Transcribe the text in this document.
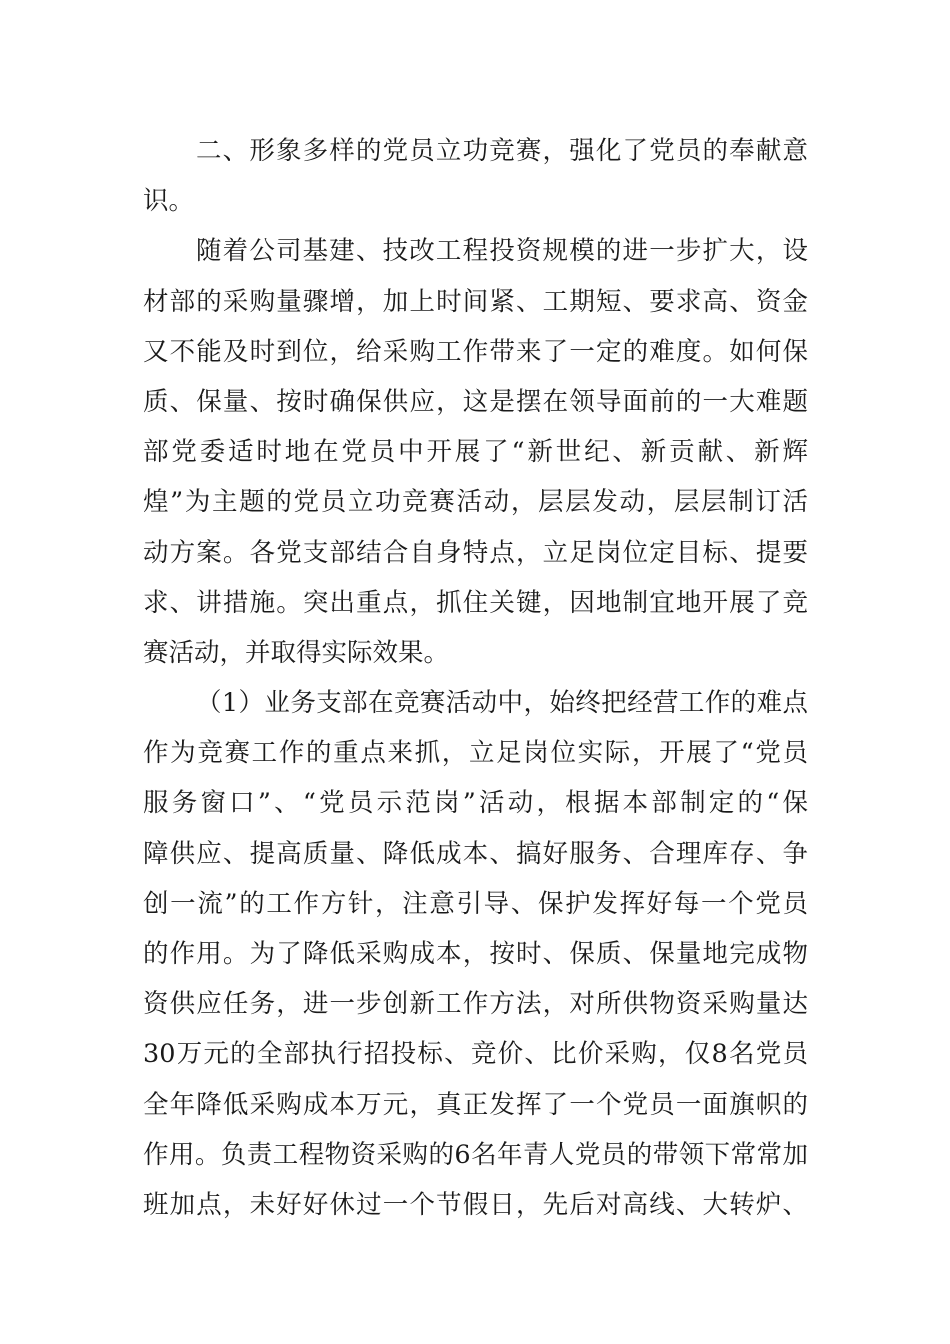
二、形象多样的党员立功竞赛，强化了党员的奉献意
识。
随着公司基建、技改工程投资规模的进一步扩大，设
材部的采购量骤增，加上时间紧、工期短、要求高、资金
又不能及时到位，给采购工作带来了一定的难度。如何保
质、保量、按时确保供应，这是摆在领导面前的一大难题
部党委适时地在党员中开展了“新世纪、新贡献、新辉
煌”为主题的党员立功竞赛活动，层层发动，层层制订活
动方案。各党支部结合自身特点，立足岗位定目标、提要
求、讲措施。突出重点，抓住关键，因地制宜地开展了竞
赛活动，并取得实际效果。
（1）业务支部在竞赛活动中，始终把经营工作的难点
作为竞赛工作的重点来抓，立足岗位实际，开展了“党员
服务窗口”、“党员示范岗”活动，根据本部制定的“保
障供应、提高质量、降低成本、搞好服务、合理库存、争
创一流”的工作方针，注意引导、保护发挥好每一个党员
的作用。为了降低采购成本，按时、保质、保量地完成物
资供应任务，进一步创新工作方法，对所供物资采购量达
30万元的全部执行招投标、竞价、比价采购，仅8名党员
全年降低采购成本万元，真正发挥了一个党员一面旗帜的
作用。负责工程物资采购的6名年青人党员的带领下常常加
班加点，未好好休过一个节假日，先后对高线、大转炉、
